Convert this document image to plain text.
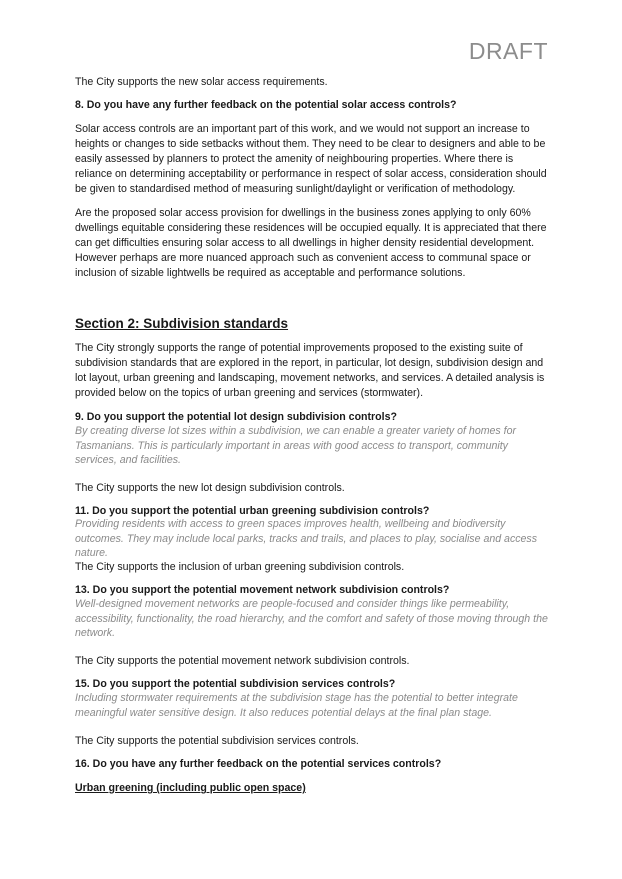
DRAFT

The City supports the new solar access requirements.

8. Do you have any further feedback on the potential solar access controls?

Solar access controls are an important part of this work, and we would not support an increase to heights or changes to side setbacks without them. They need to be clear to designers and able to be easily assessed by planners to protect the amenity of neighbouring properties. Where there is reliance on determining acceptability or performance in respect of solar access, consideration should be given to standardised method of measuring sunlight/daylight or verification of methodology.

Are the proposed solar access provision for dwellings in the business zones applying to only 60% dwellings equitable considering these residences will be occupied equally. It is appreciated that there can get difficulties ensuring solar access to all dwellings in higher density residential development. However perhaps are more nuanced approach such as convenient access to communal space or inclusion of sizable lightwells be required as acceptable and performance solutions.

Section 2: Subdivision standards

The City strongly supports the range of potential improvements proposed to the existing suite of subdivision standards that are explored in the report, in particular, lot design, subdivision design and lot layout, urban greening and landscaping, movement networks, and services. A detailed analysis is provided below on the topics of urban greening and services (stormwater).

9. Do you support the potential lot design subdivision controls?

By creating diverse lot sizes within a subdivision, we can enable a greater variety of homes for Tasmanians. This is particularly important in areas with good access to transport, community services, and facilities.

The City supports the new lot design subdivision controls.

11. Do you support the potential urban greening subdivision controls?

Providing residents with access to green spaces improves health, wellbeing and biodiversity outcomes. They may include local parks, tracks and trails, and places to play, socialise and access nature.

The City supports the inclusion of urban greening subdivision controls.

13. Do you support the potential movement network subdivision controls?

Well-designed movement networks are people-focused and consider things like permeability, accessibility, functionality, the road hierarchy, and the comfort and safety of those moving through the network.

The City supports the potential movement network subdivision controls.

15. Do you support the potential subdivision services controls?

Including stormwater requirements at the subdivision stage has the potential to better integrate meaningful water sensitive design. It also reduces potential delays at the final plan stage.

The City supports the potential subdivision services controls.

16. Do you have any further feedback on the potential services controls?

Urban greening (including public open space)
